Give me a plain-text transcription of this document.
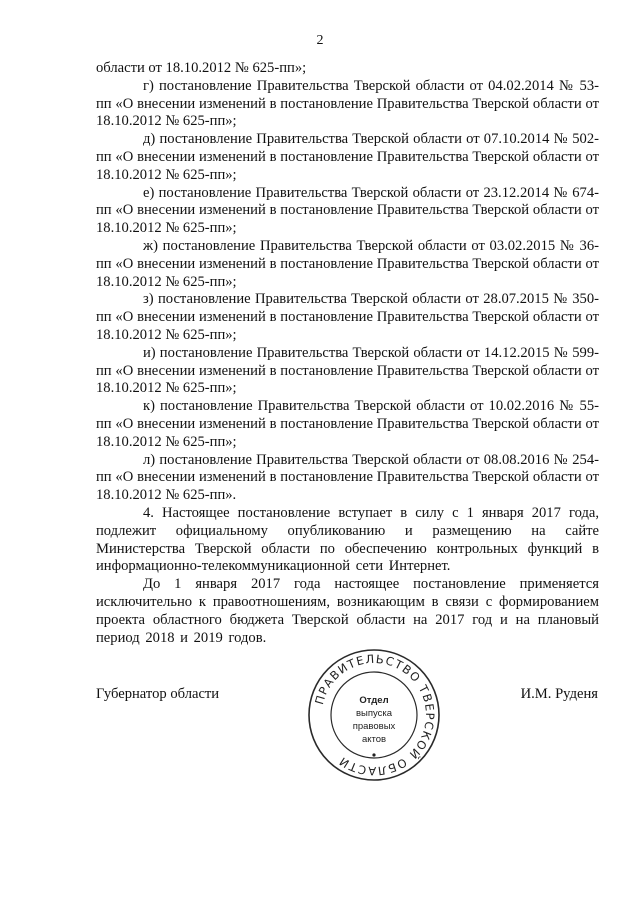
2

области от 18.10.2012 № 625-пп»;

г) постановление Правительства Тверской области от 04.02.2014 № 53-пп «О внесении изменений в постановление Правительства Тверской области от 18.10.2012 № 625-пп»;

д) постановление Правительства Тверской области от 07.10.2014 № 502-пп «О внесении изменений в постановление Правительства Тверской области от 18.10.2012 № 625-пп»;

е) постановление Правительства Тверской области от 23.12.2014 № 674-пп «О внесении изменений в постановление Правительства Тверской области от 18.10.2012 № 625-пп»;

ж) постановление Правительства Тверской области от 03.02.2015 № 36-пп «О внесении изменений в постановление Правительства Тверской области от 18.10.2012 № 625-пп»;

з) постановление Правительства Тверской области от 28.07.2015 № 350-пп «О внесении изменений в постановление Правительства Тверской области от 18.10.2012 № 625-пп»;

и) постановление Правительства Тверской области от 14.12.2015 № 599-пп «О внесении изменений в постановление Правительства Тверской области от 18.10.2012 № 625-пп»;

к) постановление Правительства Тверской области от 10.02.2016 № 55-пп «О внесении изменений в постановление Правительства Тверской области от 18.10.2012 № 625-пп»;

л) постановление Правительства Тверской области от 08.08.2016 № 254-пп «О внесении изменений в постановление Правительства Тверской области от 18.10.2012 № 625-пп».

4. Настоящее постановление вступает в силу с 1 января 2017 года, подлежит официальному опубликованию и размещению на сайте Министерства Тверской области по обеспечению контрольных функций в информационно-телекоммуникационной сети Интернет.

До 1 января 2017 года настоящее постановление применяется исключительно к правоотношениям, возникающим в связи с формированием проекта областного бюджета Тверской области на 2017 год и на плановый период 2018 и 2019 годов.

Губернатор области	ПРАВИТЕЛЬСТВО ТВЕРСКОЙ ОБЛАСТИ
Отдел
выпуска
правовых
актов
И.М. Руденя
